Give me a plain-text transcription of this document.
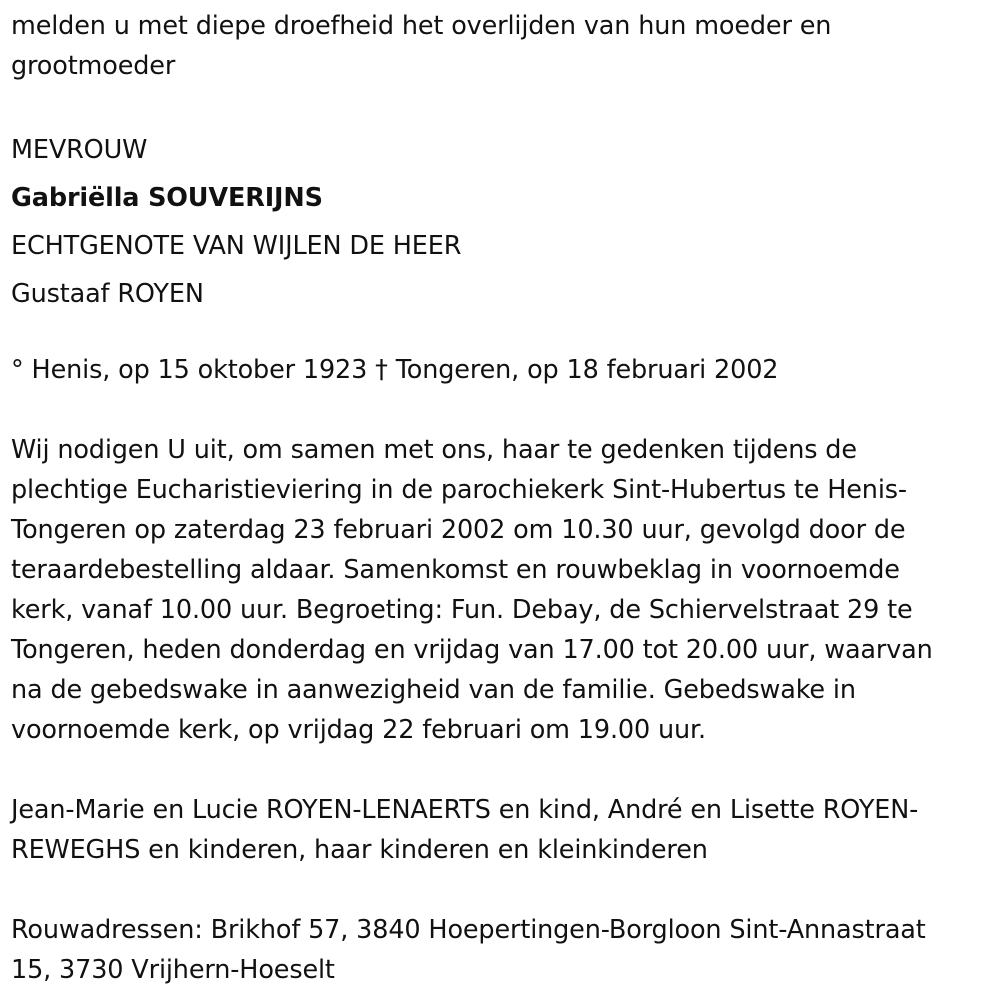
melden u met diepe droefheid het overlijden van hun moeder en
grootmoeder

MEVROUW
Gabriëlla SOUVERIJNS
ECHTGENOTE VAN WIJLEN DE HEER
Gustaaf ROYEN

° Henis, op 15 oktober 1923 † Tongeren, op 18 februari 2002

Wij nodigen U uit, om samen met ons, haar te gedenken tijdens de
plechtige Eucharistieviering in de parochiekerk Sint-Hubertus te Henis-
Tongeren op zaterdag 23 februari 2002 om 10.30 uur, gevolgd door de
teraardebestelling aldaar. Samenkomst en rouwbeklag in voornoemde
kerk, vanaf 10.00 uur. Begroeting: Fun. Debay, de Schiervelstraat 29 te
Tongeren, heden donderdag en vrijdag van 17.00 tot 20.00 uur, waarvan
na de gebedswake in aanwezigheid van de familie. Gebedswake in
voornoemde kerk, op vrijdag 22 februari om 19.00 uur.

Jean-Marie en Lucie ROYEN-LENAERTS en kind, André en Lisette ROYEN-
REWEGHS en kinderen, haar kinderen en kleinkinderen

Rouwadressen: Brikhof 57, 3840 Hoepertingen-Borgloon Sint-Annastraat
15, 3730 Vrijhern-Hoeselt
